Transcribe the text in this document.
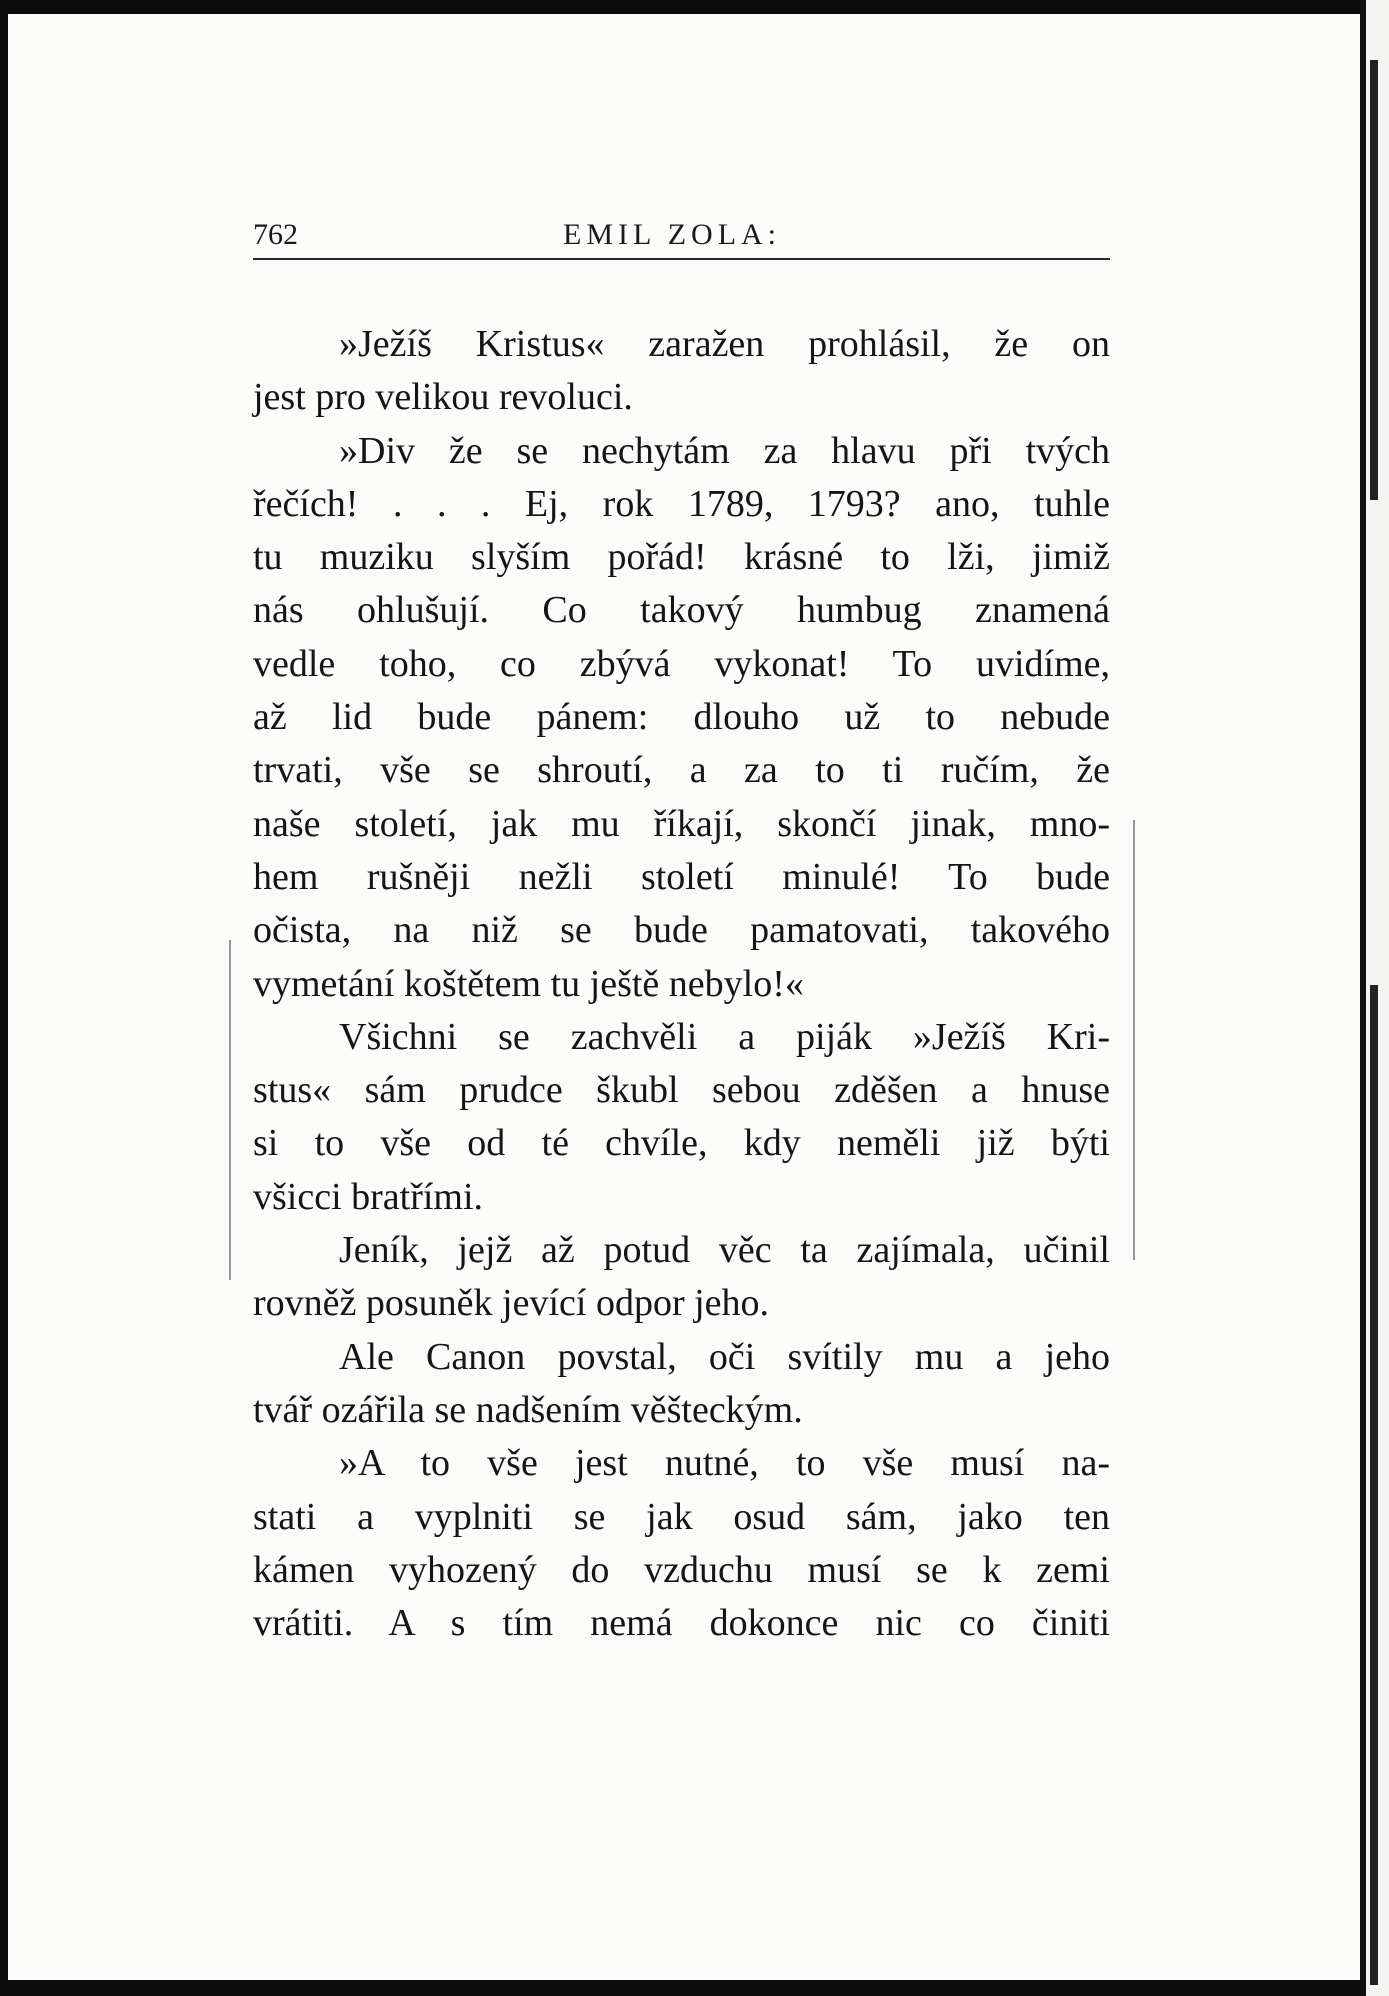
762	EMIL ZOLA:
»Ježíš Kristus« zaražen prohlásil, že on
jest pro velikou revoluci.
»Div že se nechytám za hlavu při tvých
řečích! . . . Ej, rok 1789, 1793? ano, tuhle
tu muziku slyším pořád! krásné to lži, jimiž
nás ohlušují. Co takový humbug znamená
vedle toho, co zbývá vykonat! To uvidíme,
až lid bude pánem: dlouho už to nebude
trvati, vše se shroutí, a za to ti ručím, že
naše století, jak mu říkají, skončí jinak, mno-
hem rušněji nežli století minulé! To bude
očista, na niž se bude pamatovati, takového
vymetání koštětem tu ještě nebylo!«
Všichni se zachvěli a piják »Ježíš Kri-
stus« sám prudce škubl sebou zděšen a hnuse
si to vše od té chvíle, kdy neměli již býti
všicci bratřími.
Jeník, jejž až potud věc ta zajímala, učinil
rovněž posuněk jevící odpor jeho.
Ale Canon povstal, oči svítily mu a jeho
tvář ozářila se nadšením věšteckým.
»A to vše jest nutné, to vše musí na-
stati a vyplniti se jak osud sám, jako ten
kámen vyhozený do vzduchu musí se k zemi
vrátiti. A s tím nemá dokonce nic co činiti
